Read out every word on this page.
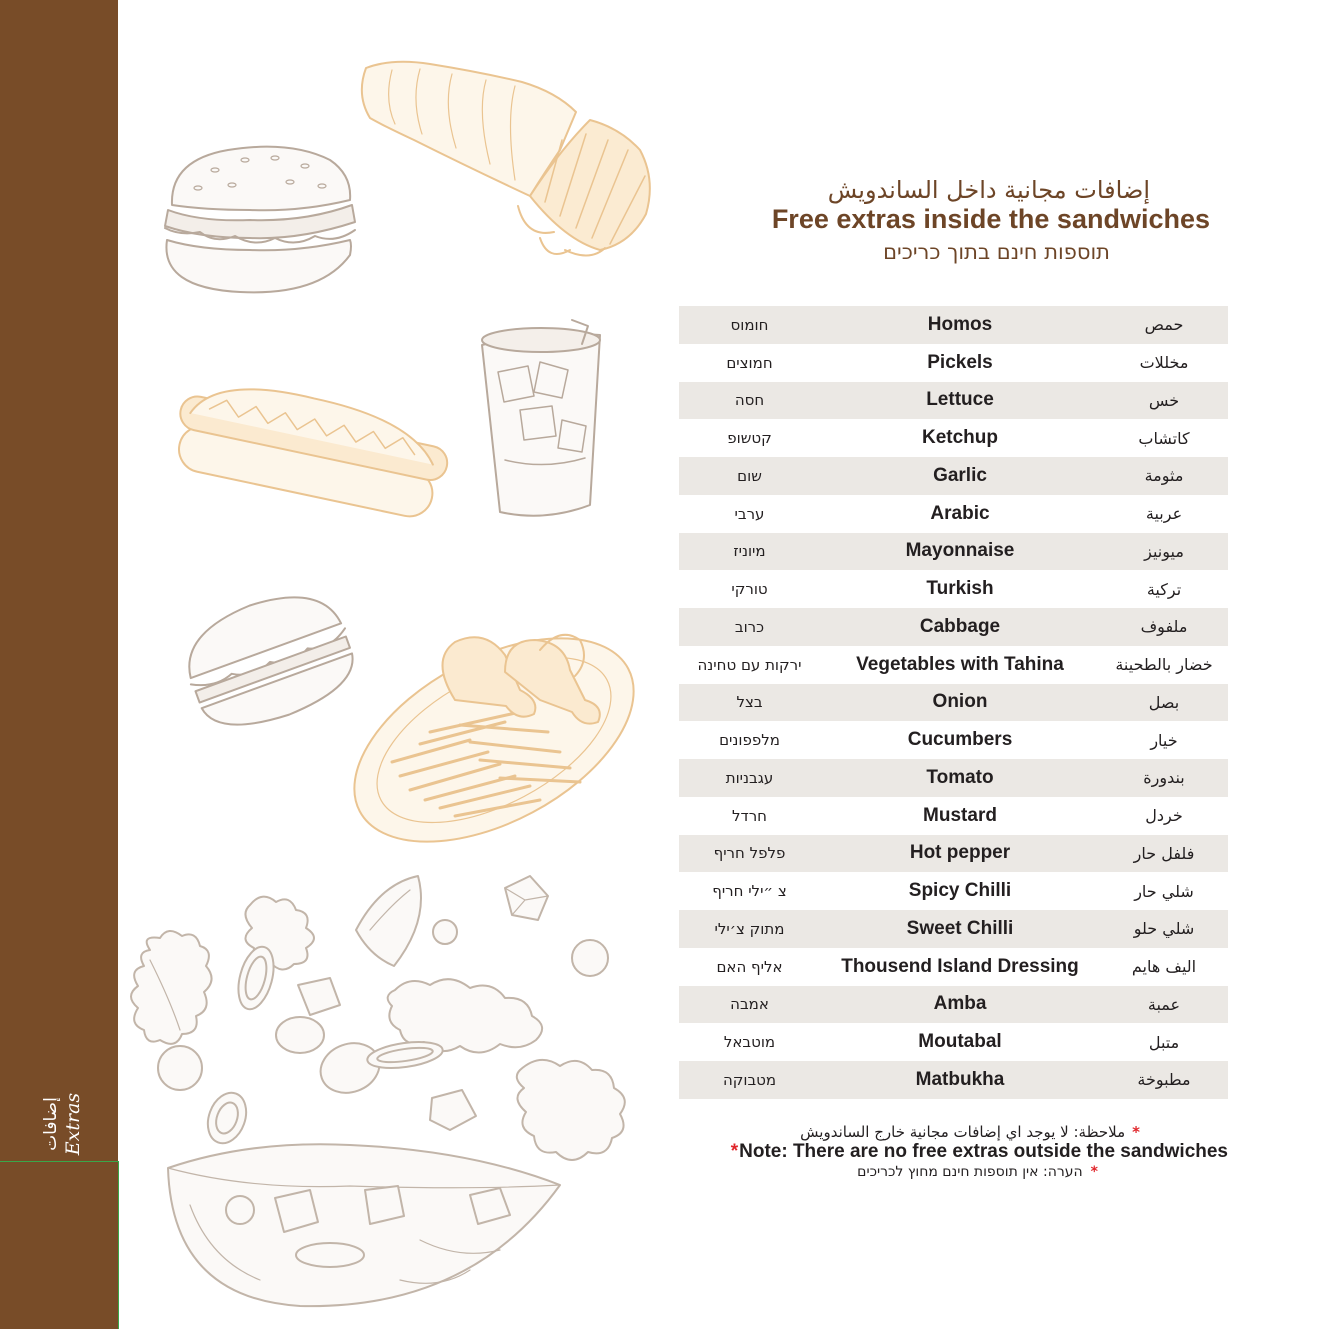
إضافات Extras
إضافات مجانية داخل الساندويش
Free extras inside the sandwiches
תוספות חינם בתוך כריכים
חומוס	Homos	حمص
חמוצים	Pickels	مخللات
חסה	Lettuce	خس
קטשופ	Ketchup	كاتشاب
שום	Garlic	مثومة
ערבי	Arabic	عربية
מיוניז	Mayonnaise	ميونيز
טורקי	Turkish	تركية
כרוב	Cabbage	ملفوف
ירקות עם טחינה	Vegetables with Tahina	خضار بالطحينة
בצל	Onion	بصل
מלפפונים	Cucumbers	خيار
עגבניות	Tomato	بندورة
חרדל	Mustard	خردل
פלפל חריף	Hot pepper	فلفل حار
צ ״ילי חריף	Spicy Chilli	شلي حار
מתוק צ׳ילי	Sweet Chilli	شلي حلو
אליף האם	Thousend Island Dressing	اليف هايم
אמבה	Amba	عمبة
מוטבאל	Moutabal	متبل
מטבוקה	Matbukha	مطبوخة
*ملاحظة: لا يوجد اي إضافات مجانية خارج الساندويش
*Note: There are no free extras outside the sandwiches
*הערה: אין תוספות חינם מחוץ לכריכים
